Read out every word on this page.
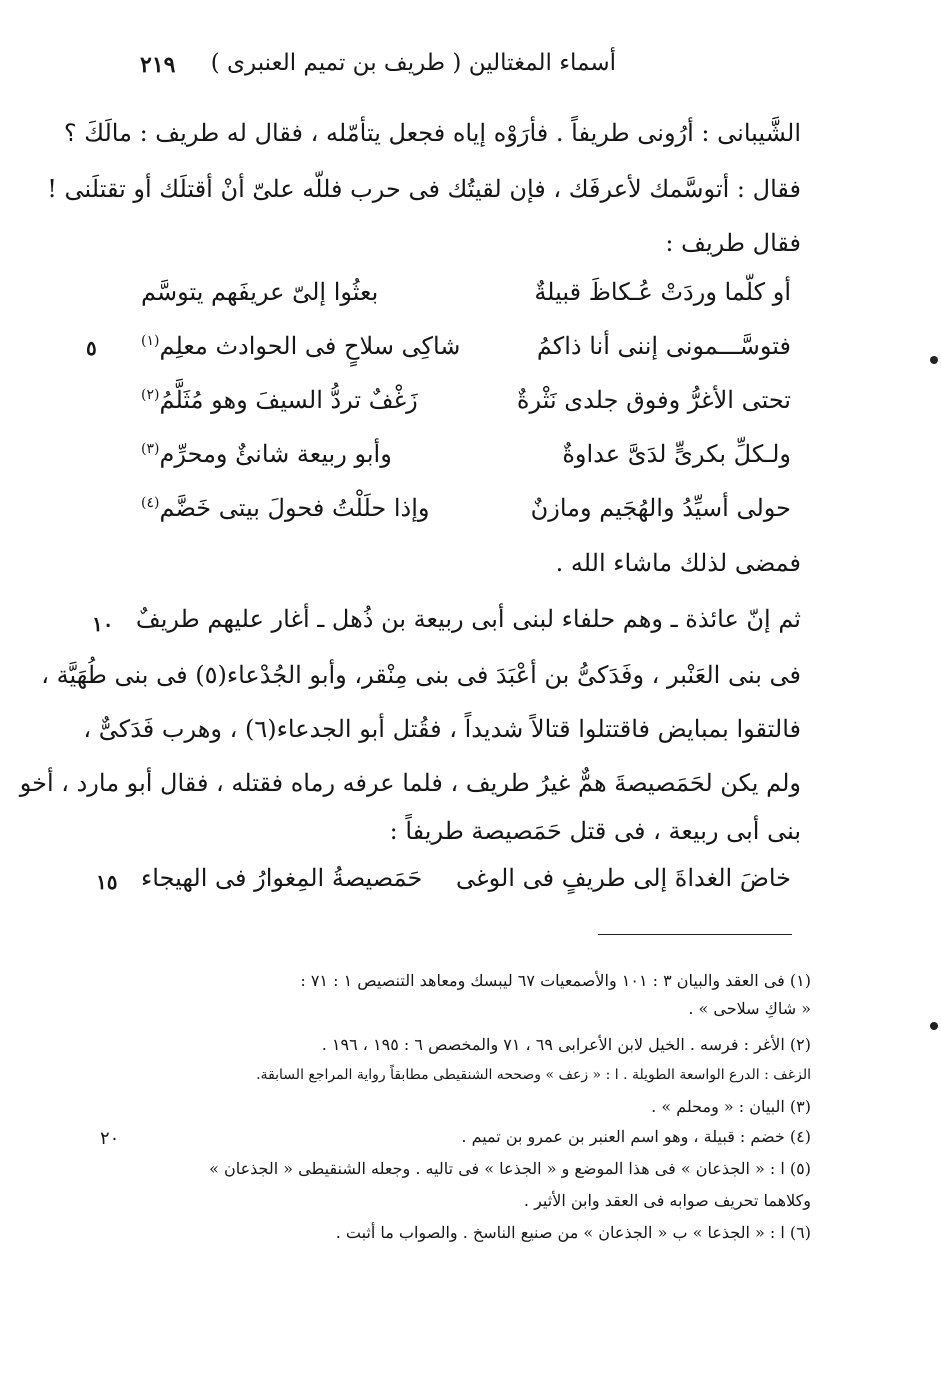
٢١٩ أسماء المغتالين ( طريف بن تميم العنبرى )
الشَّيبانى : أرُونى طريفاً . فأرَوْه إياه فجعل يتأمّله ، فقال له طريف : مالَكَ ؟
فقال : أتوسَّمك لأعرفَك ، فإن لقيتُك فى حرب فللّه علىّ أنْ أقتلَك أو تقتلَنى !
فقال طريف :
أو كلّما وردَتْ عُـكاظَ قبيلةٌ
بعثُوا إلىّ عريفَهم يتوسَّم
فتوسَّـــمونى إننى أنا ذاكمُ
شاكِى سلاحٍ فى الحوادث معلِم$^{(١)}$
تحتى الأغرُّ وفوق جلدى نَثْرةٌ
زَغْفٌ تردُّ السيفَ وهو مُثَلَّمُ$^{(٢)}$
ولـكلِّ بكرىٍّ لدَىَّ عداوةٌ
وأبو ربيعة شانئٌ ومحرِّم$^{(٣)}$
حولى أسيِّدُ والهُجَيم ومازنٌ
وإذا حلَلْتُ فحولَ بيتى خَضَّم$^{(٤)}$
فمضى لذلك ماشاء الله .
ثم إنّ عائذة ـ وهم حلفاء لبنى أبى ربيعة بن ذُهل ـ أغار عليهم طريفٌ
فى بنى العَنْبر ، وفَدَكىُّ بن أعْبَدَ فى بنى مِنْقر، وأبو الجُدْعاء(٥) فى بنى طُهَيَّة ،
فالتقوا بمبايض فاقتتلوا قتالاً شديداً ، فقُتل أبو الجدعاء(٦) ، وهرب فَدَكىٌّ ،
ولم يكن لحَمَصيصةَ همٌّ غيرُ طريف ، فلما عرفه رماه فقتله ، فقال أبو مارد ، أخو
بنى أبى ربيعة ، فى قتل حَمَصيصة طريفاً :
خاضَ الغداةَ إلى طريفٍ فى الوغى
حَمَصيصةُ المِغوارُ فى الهيجاء
٥
١٠
١٥
٢٠
(١) فى العقد والبيان ٣ : ١٠١ والأصمعيات ٦٧ ليبسك ومعاهد التنصيص ١ : ٧١ :
« شاكِ سلاحى » .
(٢) الأغر : فرسه . الخيل لابن الأعرابى ٦٩ ، ٧١ والمخصص ٦ : ١٩٥ ، ١٩٦ .
الزغف : الدرع الواسعة الطويلة . ا : « زعف » وصححه الشنقيطى مطابقاً رواية المراجع السابقة.
(٣) البيان : « ومحلم » .
(٤) خضم : قبيلة ، وهو اسم العنبر بن عمرو بن تميم .
(٥) ا : « الجذعان » فى هذا الموضع و « الجذعا » فى تاليه . وجعله الشنقيطى « الجذعان »
وكلاهما تحريف صوابه فى العقد وابن الأثير .
(٦) ا : « الجذعا » ب « الجذعان » من صنيع الناسخ . والصواب ما أثبت .
